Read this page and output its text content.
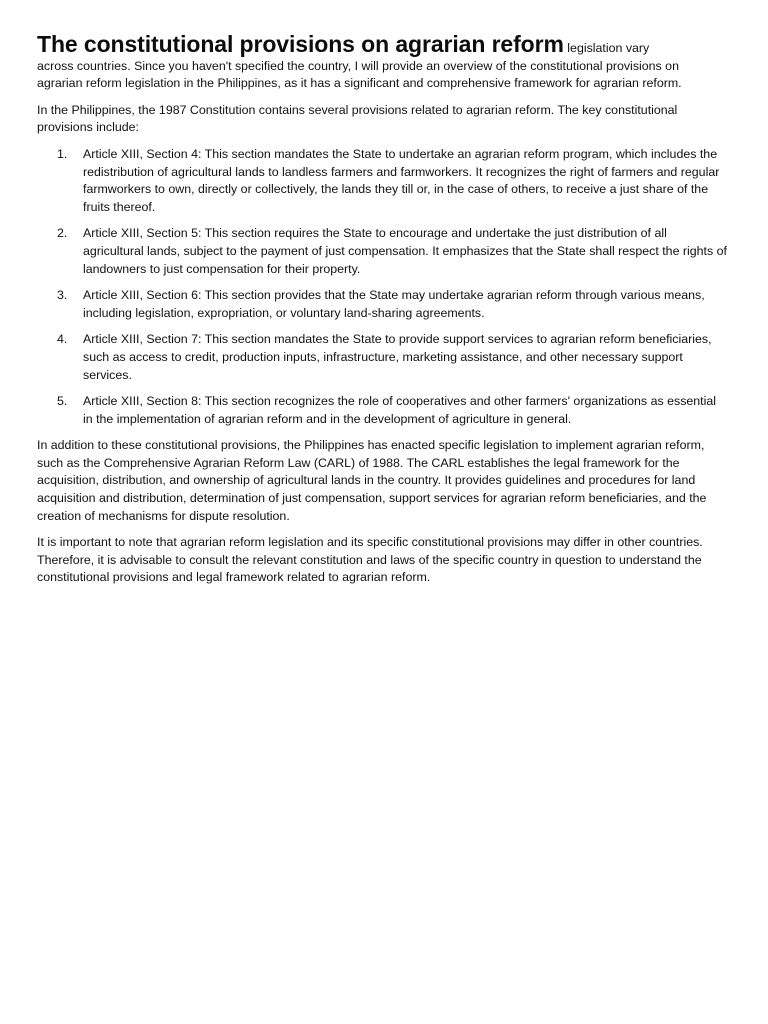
The constitutional provisions on agrarian reform legislation vary

across countries. Since you haven't specified the country, I will provide an overview of the constitutional provisions on agrarian reform legislation in the Philippines, as it has a significant and comprehensive framework for agrarian reform.

In the Philippines, the 1987 Constitution contains several provisions related to agrarian reform. The key constitutional provisions include:

1.	Article XIII, Section 4: This section mandates the State to undertake an agrarian reform program, which includes the redistribution of agricultural lands to landless farmers and farmworkers. It recognizes the right of farmers and regular farmworkers to own, directly or collectively, the lands they till or, in the case of others, to receive a just share of the fruits thereof.
2.	Article XIII, Section 5: This section requires the State to encourage and undertake the just distribution of all agricultural lands, subject to the payment of just compensation. It emphasizes that the State shall respect the rights of landowners to just compensation for their property.
3.	Article XIII, Section 6: This section provides that the State may undertake agrarian reform through various means, including legislation, expropriation, or voluntary land-sharing agreements.
4.	Article XIII, Section 7: This section mandates the State to provide support services to agrarian reform beneficiaries, such as access to credit, production inputs, infrastructure, marketing assistance, and other necessary support services.
5.	Article XIII, Section 8: This section recognizes the role of cooperatives and other farmers' organizations as essential in the implementation of agrarian reform and in the development of agriculture in general.

In addition to these constitutional provisions, the Philippines has enacted specific legislation to implement agrarian reform, such as the Comprehensive Agrarian Reform Law (CARL) of 1988. The CARL establishes the legal framework for the acquisition, distribution, and ownership of agricultural lands in the country. It provides guidelines and procedures for land acquisition and distribution, determination of just compensation, support services for agrarian reform beneficiaries, and the creation of mechanisms for dispute resolution.

It is important to note that agrarian reform legislation and its specific constitutional provisions may differ in other countries. Therefore, it is advisable to consult the relevant constitution and laws of the specific country in question to understand the constitutional provisions and legal framework related to agrarian reform.
